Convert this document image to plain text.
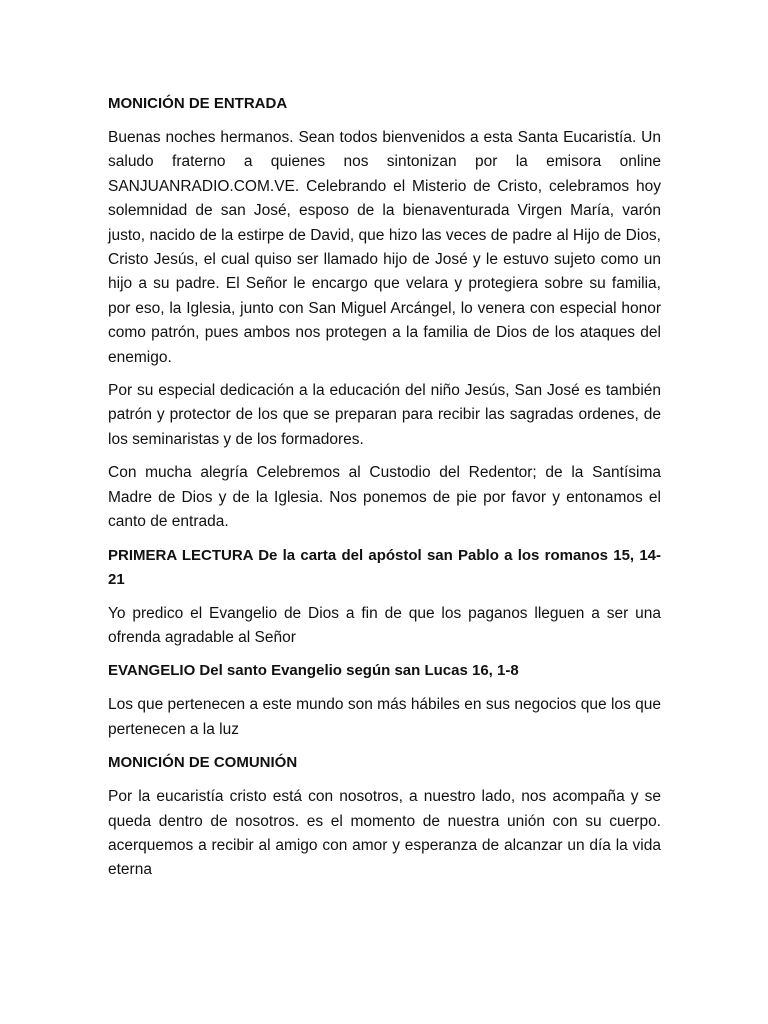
MONICIÓN DE ENTRADA

Buenas noches hermanos. Sean todos bienvenidos a esta Santa Eucaristía. Un saludo fraterno a quienes nos sintonizan por la emisora online SANJUANRADIO.COM.VE. Celebrando el Misterio de Cristo, celebramos hoy solemnidad de san José, esposo de la bienaventurada Virgen María, varón justo, nacido de la estirpe de David, que hizo las veces de padre al Hijo de Dios, Cristo Jesús, el cual quiso ser llamado hijo de José y le estuvo sujeto como un hijo a su padre. El Señor le encargo que velara y protegiera sobre su familia, por eso, la Iglesia, junto con San Miguel Arcángel, lo venera con especial honor como patrón, pues ambos nos protegen a la familia de Dios de los ataques del enemigo.

Por su especial dedicación a la educación del niño Jesús, San José es también patrón y protector de los que se preparan para recibir las sagradas ordenes, de los seminaristas y de los formadores.

Con mucha alegría Celebremos al Custodio del Redentor; de la Santísima Madre de Dios y de la Iglesia. Nos ponemos de pie por favor y entonamos el canto de entrada.

PRIMERA LECTURA De la carta del apóstol san Pablo a los romanos 15, 14-21

Yo predico el Evangelio de Dios a fin de que los paganos lleguen a ser una ofrenda agradable al Señor

EVANGELIO Del santo Evangelio según san Lucas 16, 1-8

Los que pertenecen a este mundo son más hábiles en sus negocios que los que pertenecen a la luz

MONICIÓN DE COMUNIÓN

Por la eucaristía cristo está con nosotros, a nuestro lado, nos acompaña y se queda dentro de nosotros. es el momento de nuestra unión con su cuerpo. acerquemos a recibir al amigo con amor y esperanza de alcanzar un día la vida eterna
